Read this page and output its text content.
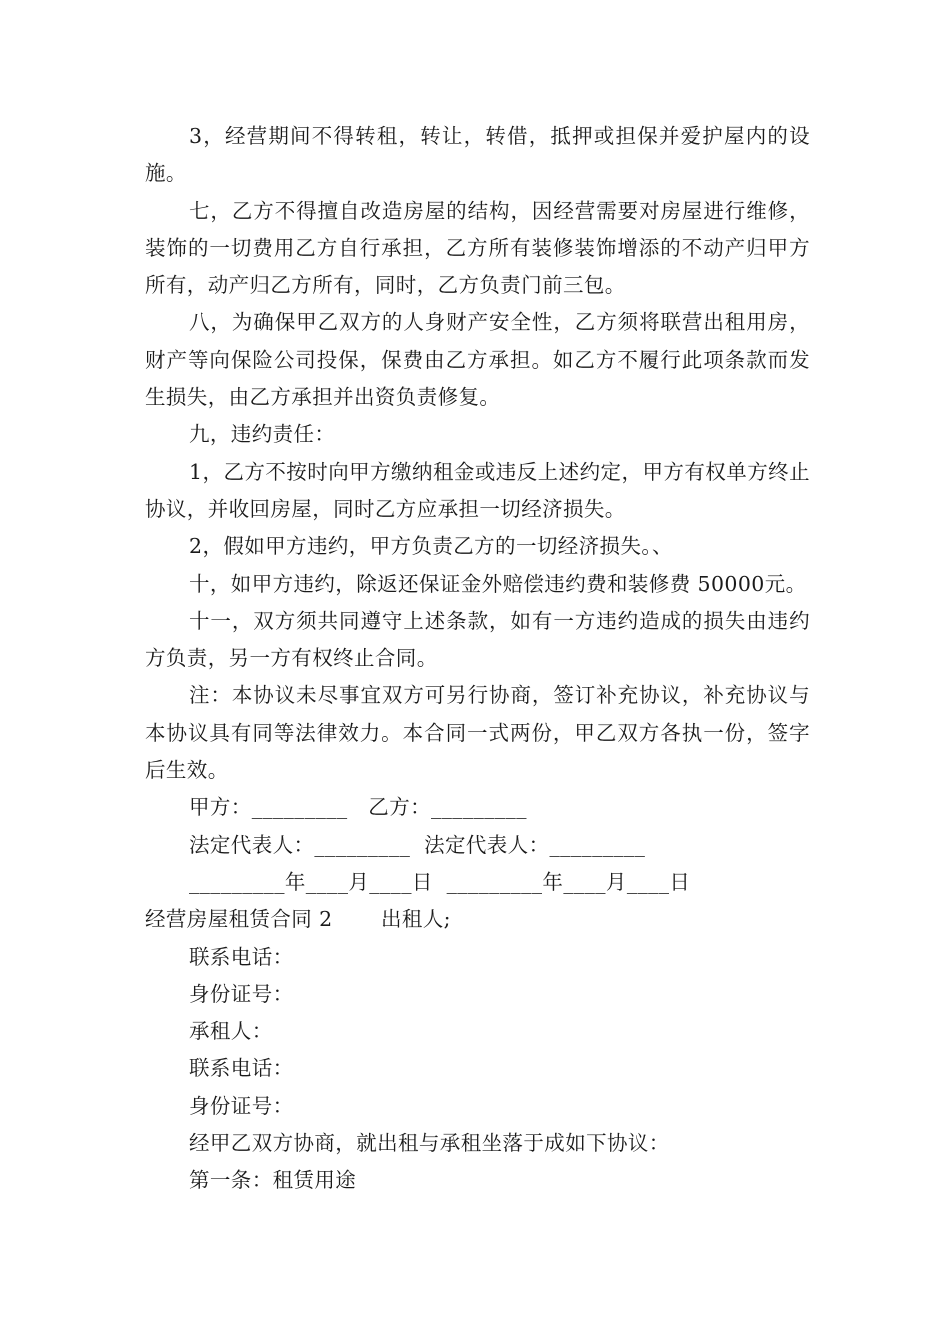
3，经营期间不得转租，转让，转借，抵押或担保并爱护屋内的设施。

七，乙方不得擅自改造房屋的结构，因经营需要对房屋进行维修，装饰的一切费用乙方自行承担，乙方所有装修装饰增添的不动产归甲方所有，动产归乙方所有，同时，乙方负责门前三包。

八，为确保甲乙双方的人身财产安全性，乙方须将联营出租用房，财产等向保险公司投保，保费由乙方承担。如乙方不履行此项条款而发生损失，由乙方承担并出资负责修复。

九，违约责任：

1，乙方不按时向甲方缴纳租金或违反上述约定，甲方有权单方终止协议，并收回房屋，同时乙方应承担一切经济损失。

2，假如甲方违约，甲方负责乙方的一切经济损失。、

十，如甲方违约，除返还保证金外赔偿违约费和装修费 50000元。

十一，双方须共同遵守上述条款，如有一方违约造成的损失由违约方负责，另一方有权终止合同。

注：本协议未尽事宜双方可另行协商，签订补充协议，补充协议与本协议具有同等法律效力。本合同一式两份，甲乙双方各执一份，签字后生效。

甲方：_________   乙方：_________

法定代表人：_________  法定代表人：_________

_________年____月____日  _________年____月____日

经营房屋租赁合同 2       出租人;

联系电话：

身份证号：

承租人：

联系电话：

身份证号：

经甲乙双方协商，就出租与承租坐落于成如下协议：

第一条：租赁用途
